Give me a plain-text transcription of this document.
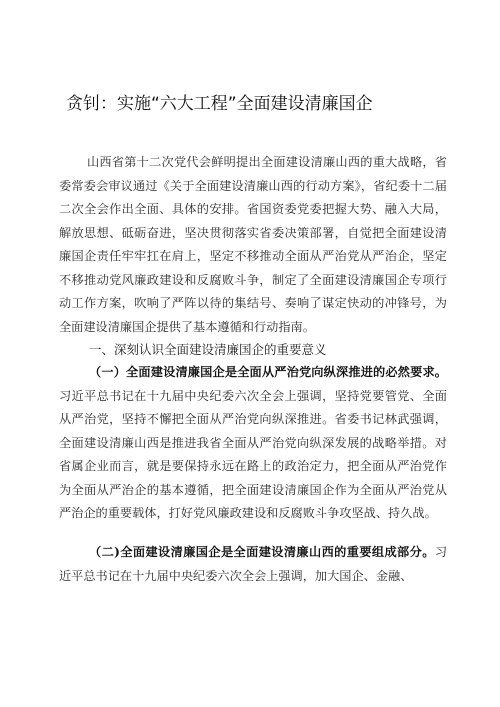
贪钊：实施“六大工程”全面建设清廉国企
山西省第十二次党代会鲜明提出全面建设清廉山西的重大战略，省委常委会审议通过《关于全面建设清廉山西的行动方案》，省纪委十二届二次全会作出全面、具体的安排。省国资委党委把握大势、融入大局，解放思想、砥砺奋进，坚决贯彻落实省委决策部署，自觉把全面建设清廉国企责任牢牢扛在肩上，坚定不移推动全面从严治党从严治企，坚定不移推动党风廉政建设和反腐败斗争，制定了全面建设清廉国企专项行动工作方案，吹响了严阵以待的集结号、奏响了谋定快动的冲锋号，为全面建设清廉国企提供了基本遵循和行动指南。
一、深刻认识全面建设清廉国企的重要意义
（一）全面建设清廉国企是全面从严治党向纵深推进的必然要求。习近平总书记在十九届中央纪委六次全会上强调，坚持党要管党、全面从严治党，坚持不懈把全面从严治党向纵深推进。省委书记林武强调，全面建设清廉山西是推进我省全面从严治党向纵深发展的战略举措。对省属企业而言，就是要保持永远在路上的政治定力，把全面从严治党作为全面从严治企的基本遵循，把全面建设清廉国企作为全面从严治党从严治企的重要载体，打好党风廉政建设和反腐败斗争攻坚战、持久战。
（二)全面建设清廉国企是全面建设清廉山西的重要组成部分。习近平总书记在十九届中央纪委六次全会上强调，加大国企、金融、
